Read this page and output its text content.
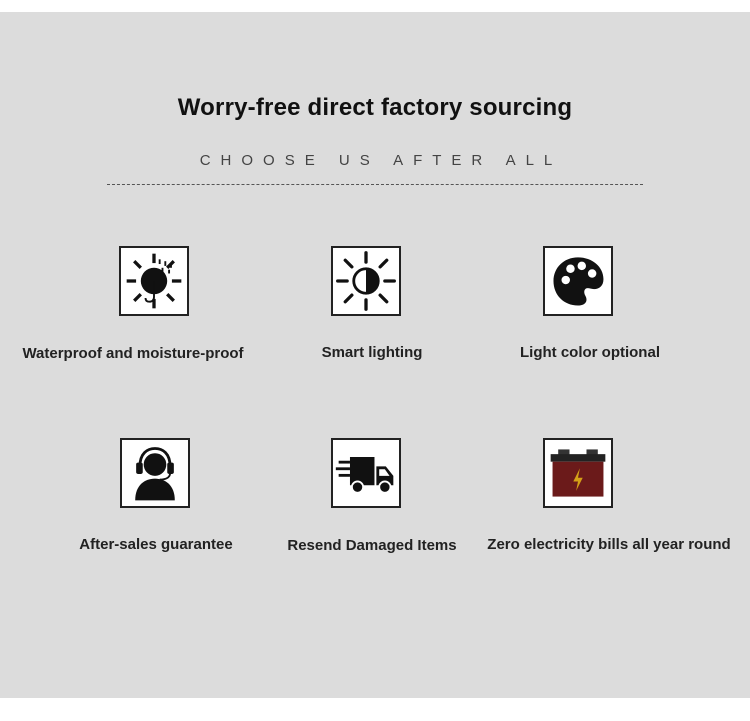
Worry-free direct factory sourcing
CHOOSE US AFTER ALL
Waterproof and moisture-proof	Smart lighting	Light color optional
After-sales guarantee	Resend Damaged Items	Zero electricity bills all year round
